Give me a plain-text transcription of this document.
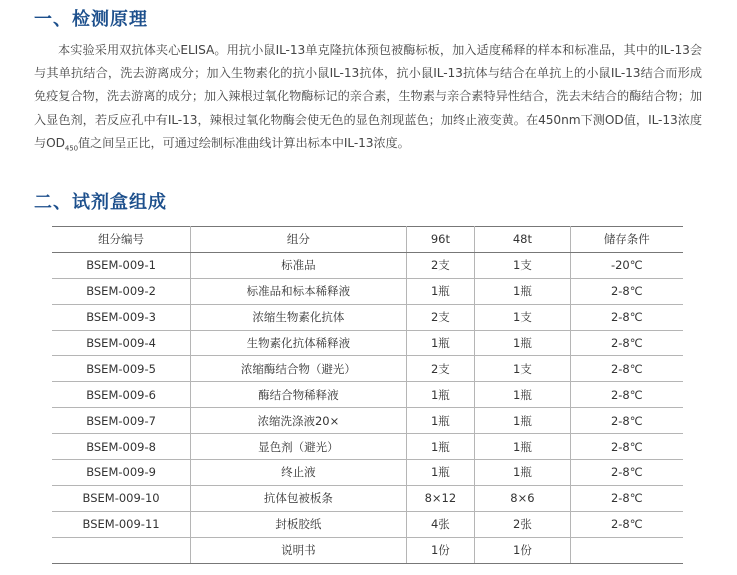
一、检测原理

本实验采用双抗体夹心ELISA。用抗小鼠IL-13单克隆抗体预包被酶标板，加入适度稀释的样本和标准品，其中的IL-13会与其单抗结合，洗去游离成分；加入生物素化的抗小鼠IL-13抗体，抗小鼠IL-13抗体与结合在单抗上的小鼠IL-13结合而形成免疫复合物，洗去游离的成分；加入辣根过氧化物酶标记的亲合素，生物素与亲合素特异性结合，洗去未结合的酶结合物；加入显色剂，若反应孔中有IL-13，辣根过氧化物酶会使无色的显色剂现蓝色；加终止液变黄。在450nm下测OD值，IL-13浓度与$OD_{450}$值之间呈正比，可通过绘制标准曲线计算出标本中IL-13浓度。

二、试剂盒组成
组分编号	组分	96t	48t	储存条件
BSEM-009-1	标准品	2支	1支	-20℃
BSEM-009-2	标准品和标本稀释液	1瓶	1瓶	2-8℃
BSEM-009-3	浓缩生物素化抗体	2支	1支	2-8℃
BSEM-009-4	生物素化抗体稀释液	1瓶	1瓶	2-8℃
BSEM-009-5	浓缩酶结合物（避光）	2支	1支	2-8℃
BSEM-009-6	酶结合物稀释液	1瓶	1瓶	2-8℃
BSEM-009-7	浓缩洗涤液20×	1瓶	1瓶	2-8℃
BSEM-009-8	显色剂（避光）	1瓶	1瓶	2-8℃
BSEM-009-9	终止液	1瓶	1瓶	2-8℃
BSEM-009-10	抗体包被板条	8×12	8×6	2-8℃
BSEM-009-11	封板胶纸	4张	2张	2-8℃
	说明书	1份	1份	
